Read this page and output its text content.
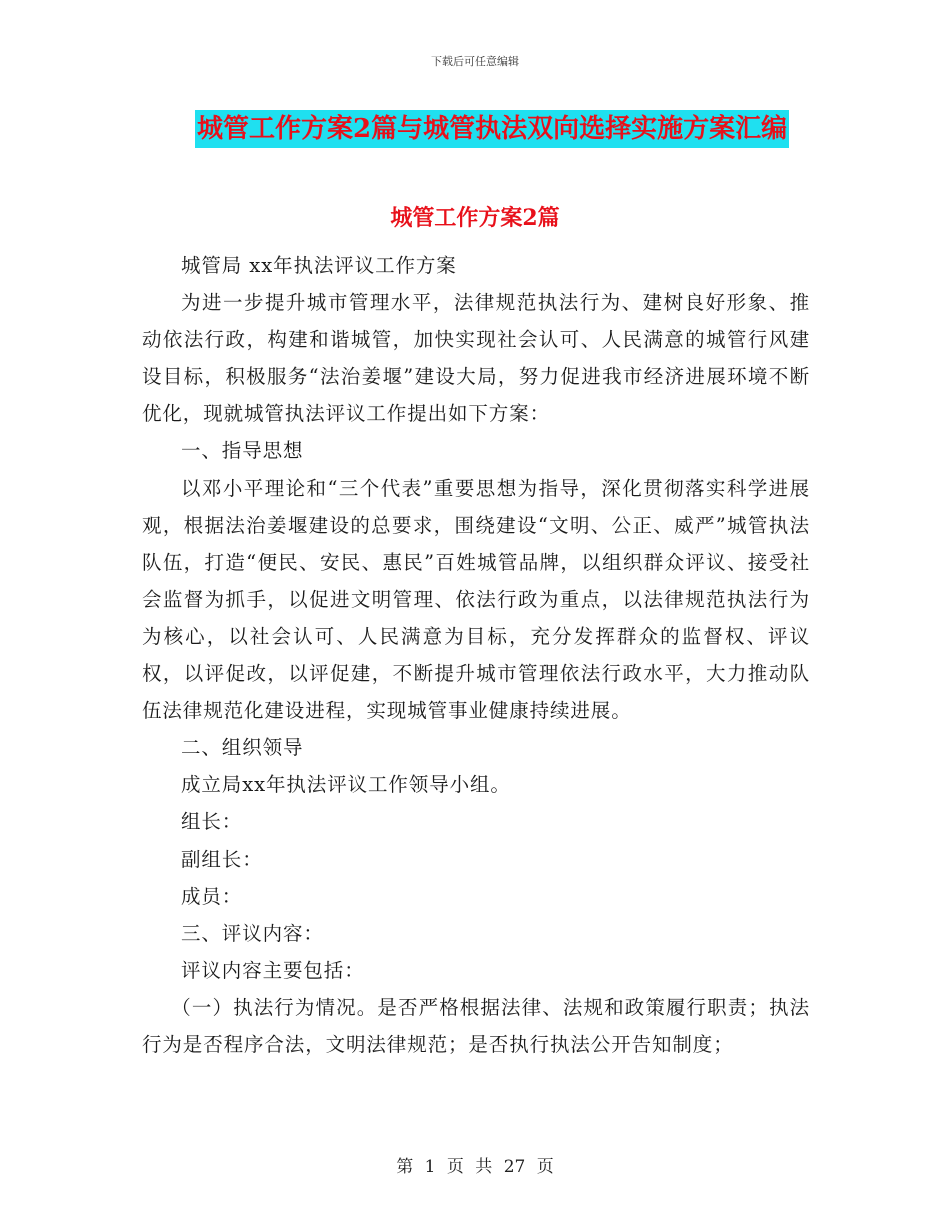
下载后可任意编辑
城管工作方案2篇与城管执法双向选择实施方案汇编
城管工作方案2篇

城管局 xx年执法评议工作方案

为进一步提升城市管理水平，法律规范执法行为、建树良好形象、推动依法行政，构建和谐城管，加快实现社会认可、人民满意的城管行风建设目标，积极服务“法治姜堰”建设大局，努力促进我市经济进展环境不断优化，现就城管执法评议工作提出如下方案：

一、指导思想

以邓小平理论和“三个代表”重要思想为指导，深化贯彻落实科学进展观，根据法治姜堰建设的总要求，围绕建设“文明、公正、威严”城管执法队伍，打造“便民、安民、惠民”百姓城管品牌，以组织群众评议、接受社会监督为抓手，以促进文明管理、依法行政为重点，以法律规范执法行为为核心，以社会认可、人民满意为目标，充分发挥群众的监督权、评议权，以评促改，以评促建，不断提升城市管理依法行政水平，大力推动队伍法律规范化建设进程，实现城管事业健康持续进展。

二、组织领导

成立局xx年执法评议工作领导小组。

组长：

副组长：

成员：

三、评议内容：

评议内容主要包括：

（一）执法行为情况。是否严格根据法律、法规和政策履行职责；执法行为是否程序合法，文明法律规范；是否执行执法公开告知制度；

第 1 页 共 27 页
